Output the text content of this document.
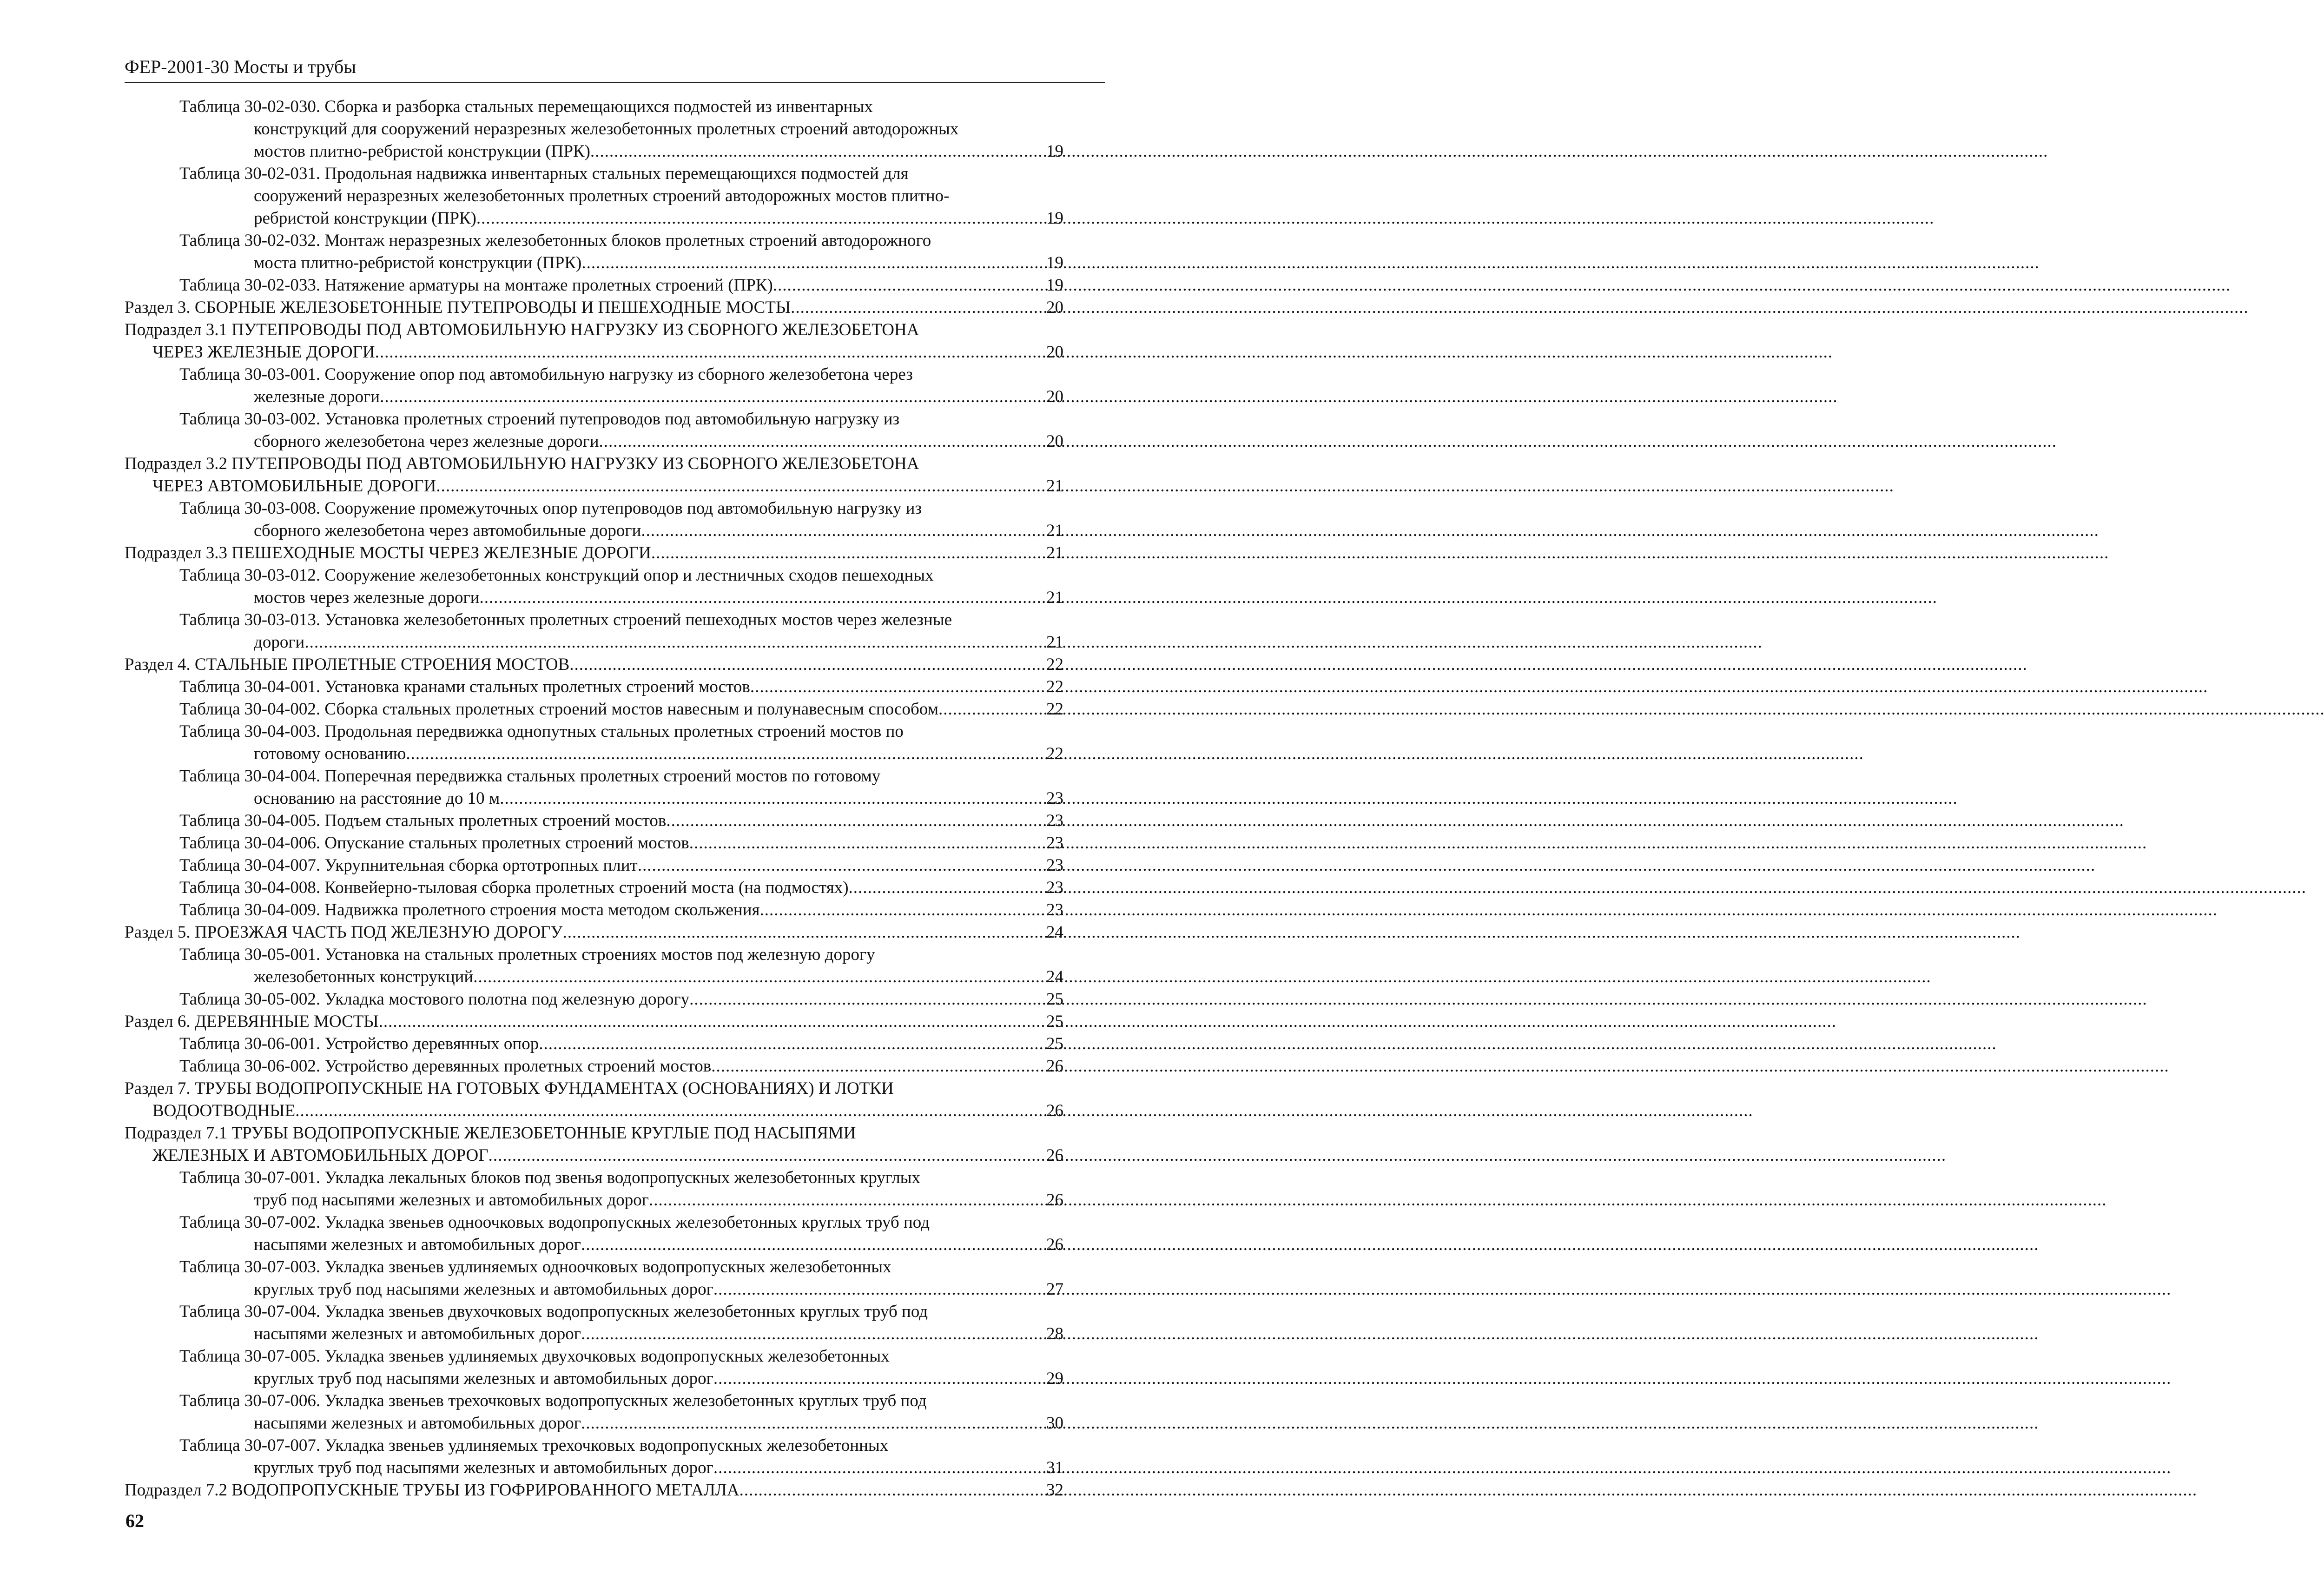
ФЕР-2001-30 Мосты и трубы
Таблица 30-02-030. Сборка и разборка стальных перемещающихся подмостей из инвентарных
конструкций для сооружений неразрезных железобетонных пролетных строений автодорожных
мостов плитно-ребристой конструкции (ПРК) .....	19
Таблица 30-02-031. Продольная надвижка инвентарных стальных перемещающихся подмостей для
сооружений неразрезных железобетонных пролетных строений автодорожных мостов плитно-
ребристой конструкции (ПРК) .....	19
Таблица 30-02-032. Монтаж неразрезных железобетонных блоков пролетных строений автодорожного
моста плитно-ребристой конструкции (ПРК) .....	19
Таблица 30-02-033. Натяжение арматуры на монтаже пролетных строений (ПРК) .....	19
Раздел 3. СБОРНЫЕ ЖЕЛЕЗОБЕТОННЫЕ ПУТЕПРОВОДЫ И ПЕШЕХОДНЫЕ МОСТЫ .....	20
Подраздел 3.1 ПУТЕПРОВОДЫ ПОД АВТОМОБИЛЬНУЮ НАГРУЗКУ ИЗ СБОРНОГО ЖЕЛЕЗОБЕТОНА
ЧЕРЕЗ ЖЕЛЕЗНЫЕ ДОРОГИ .....	20
Таблица 30-03-001. Сооружение опор под автомобильную нагрузку из сборного железобетона через
железные дороги .....	20
Таблица 30-03-002. Установка пролетных строений путепроводов под автомобильную нагрузку из
сборного железобетона через железные дороги .....	20
Подраздел 3.2 ПУТЕПРОВОДЫ ПОД АВТОМОБИЛЬНУЮ НАГРУЗКУ ИЗ СБОРНОГО ЖЕЛЕЗОБЕТОНА
ЧЕРЕЗ АВТОМОБИЛЬНЫЕ ДОРОГИ .....	21
Таблица 30-03-008. Сооружение промежуточных опор путепроводов под автомобильную нагрузку из
сборного железобетона через автомобильные дороги .....	21
Подраздел 3.3 ПЕШЕХОДНЫЕ МОСТЫ ЧЕРЕЗ ЖЕЛЕЗНЫЕ ДОРОГИ .....	21
Таблица 30-03-012. Сооружение железобетонных конструкций опор и лестничных сходов пешеходных
мостов через железные дороги .....	21
Таблица 30-03-013. Установка железобетонных пролетных строений пешеходных мостов через железные
дороги .....	21
Раздел 4. СТАЛЬНЫЕ ПРОЛЕТНЫЕ СТРОЕНИЯ МОСТОВ .....	22
Таблица 30-04-001. Установка кранами стальных пролетных строений мостов .....	22
Таблица 30-04-002. Сборка стальных пролетных строений мостов навесным и полунавесным способом .....	22
Таблица 30-04-003. Продольная передвижка однопутных стальных пролетных строений мостов по
готовому основанию .....	22
Таблица 30-04-004. Поперечная передвижка стальных пролетных строений мостов по готовому
основанию на расстояние до 10 м .....	23
Таблица 30-04-005. Подъем стальных пролетных строений мостов .....	23
Таблица 30-04-006. Опускание стальных пролетных строений мостов .....	23
Таблица 30-04-007. Укрупнительная сборка ортотропных плит .....	23
Таблица 30-04-008. Конвейерно-тыловая сборка пролетных строений моста (на подмостях) .....	23
Таблица 30-04-009. Надвижка пролетного строения моста методом скольжения .....	23
Раздел 5. ПРОЕЗЖАЯ ЧАСТЬ ПОД ЖЕЛЕЗНУЮ ДОРОГУ .....	24
Таблица 30-05-001. Установка на стальных пролетных строениях мостов под железную дорогу
железобетонных конструкций .....	24
Таблица 30-05-002. Укладка мостового полотна под железную дорогу .....	25
Раздел 6. ДЕРЕВЯННЫЕ МОСТЫ .....	25
Таблица 30-06-001. Устройство деревянных опор .....	25
Таблица 30-06-002. Устройство деревянных пролетных строений мостов .....	26
Раздел 7. ТРУБЫ ВОДОПРОПУСКНЫЕ НА ГОТОВЫХ ФУНДАМЕНТАХ (ОСНОВАНИЯХ) И ЛОТКИ
ВОДООТВОДНЫЕ .....	26
Подраздел 7.1 ТРУБЫ ВОДОПРОПУСКНЫЕ ЖЕЛЕЗОБЕТОННЫЕ КРУГЛЫЕ ПОД НАСЫПЯМИ
ЖЕЛЕЗНЫХ И АВТОМОБИЛЬНЫХ ДОРОГ .....	26
Таблица 30-07-001. Укладка лекальных блоков под звенья водопропускных железобетонных круглых
труб под насыпями железных и автомобильных дорог .....	26
Таблица 30-07-002. Укладка звеньев одноочковых водопропускных железобетонных круглых труб под
насыпями железных и автомобильных дорог .....	26
Таблица 30-07-003. Укладка звеньев удлиняемых одноочковых водопропускных железобетонных
круглых труб под насыпями железных и автомобильных дорог .....	27
Таблица 30-07-004. Укладка звеньев двухочковых водопропускных железобетонных круглых труб под
насыпями железных и автомобильных дорог .....	28
Таблица 30-07-005. Укладка звеньев удлиняемых двухочковых водопропускных железобетонных
круглых труб под насыпями железных и автомобильных дорог .....	29
Таблица 30-07-006. Укладка звеньев трехочковых водопропускных железобетонных круглых труб под
насыпями железных и автомобильных дорог .....	30
Таблица 30-07-007. Укладка звеньев удлиняемых трехочковых водопропускных железобетонных
круглых труб под насыпями железных и автомобильных дорог .....	31
Подраздел 7.2 ВОДОПРОПУСКНЫЕ ТРУБЫ ИЗ ГОФРИРОВАННОГО МЕТАЛЛА .....	32
62
